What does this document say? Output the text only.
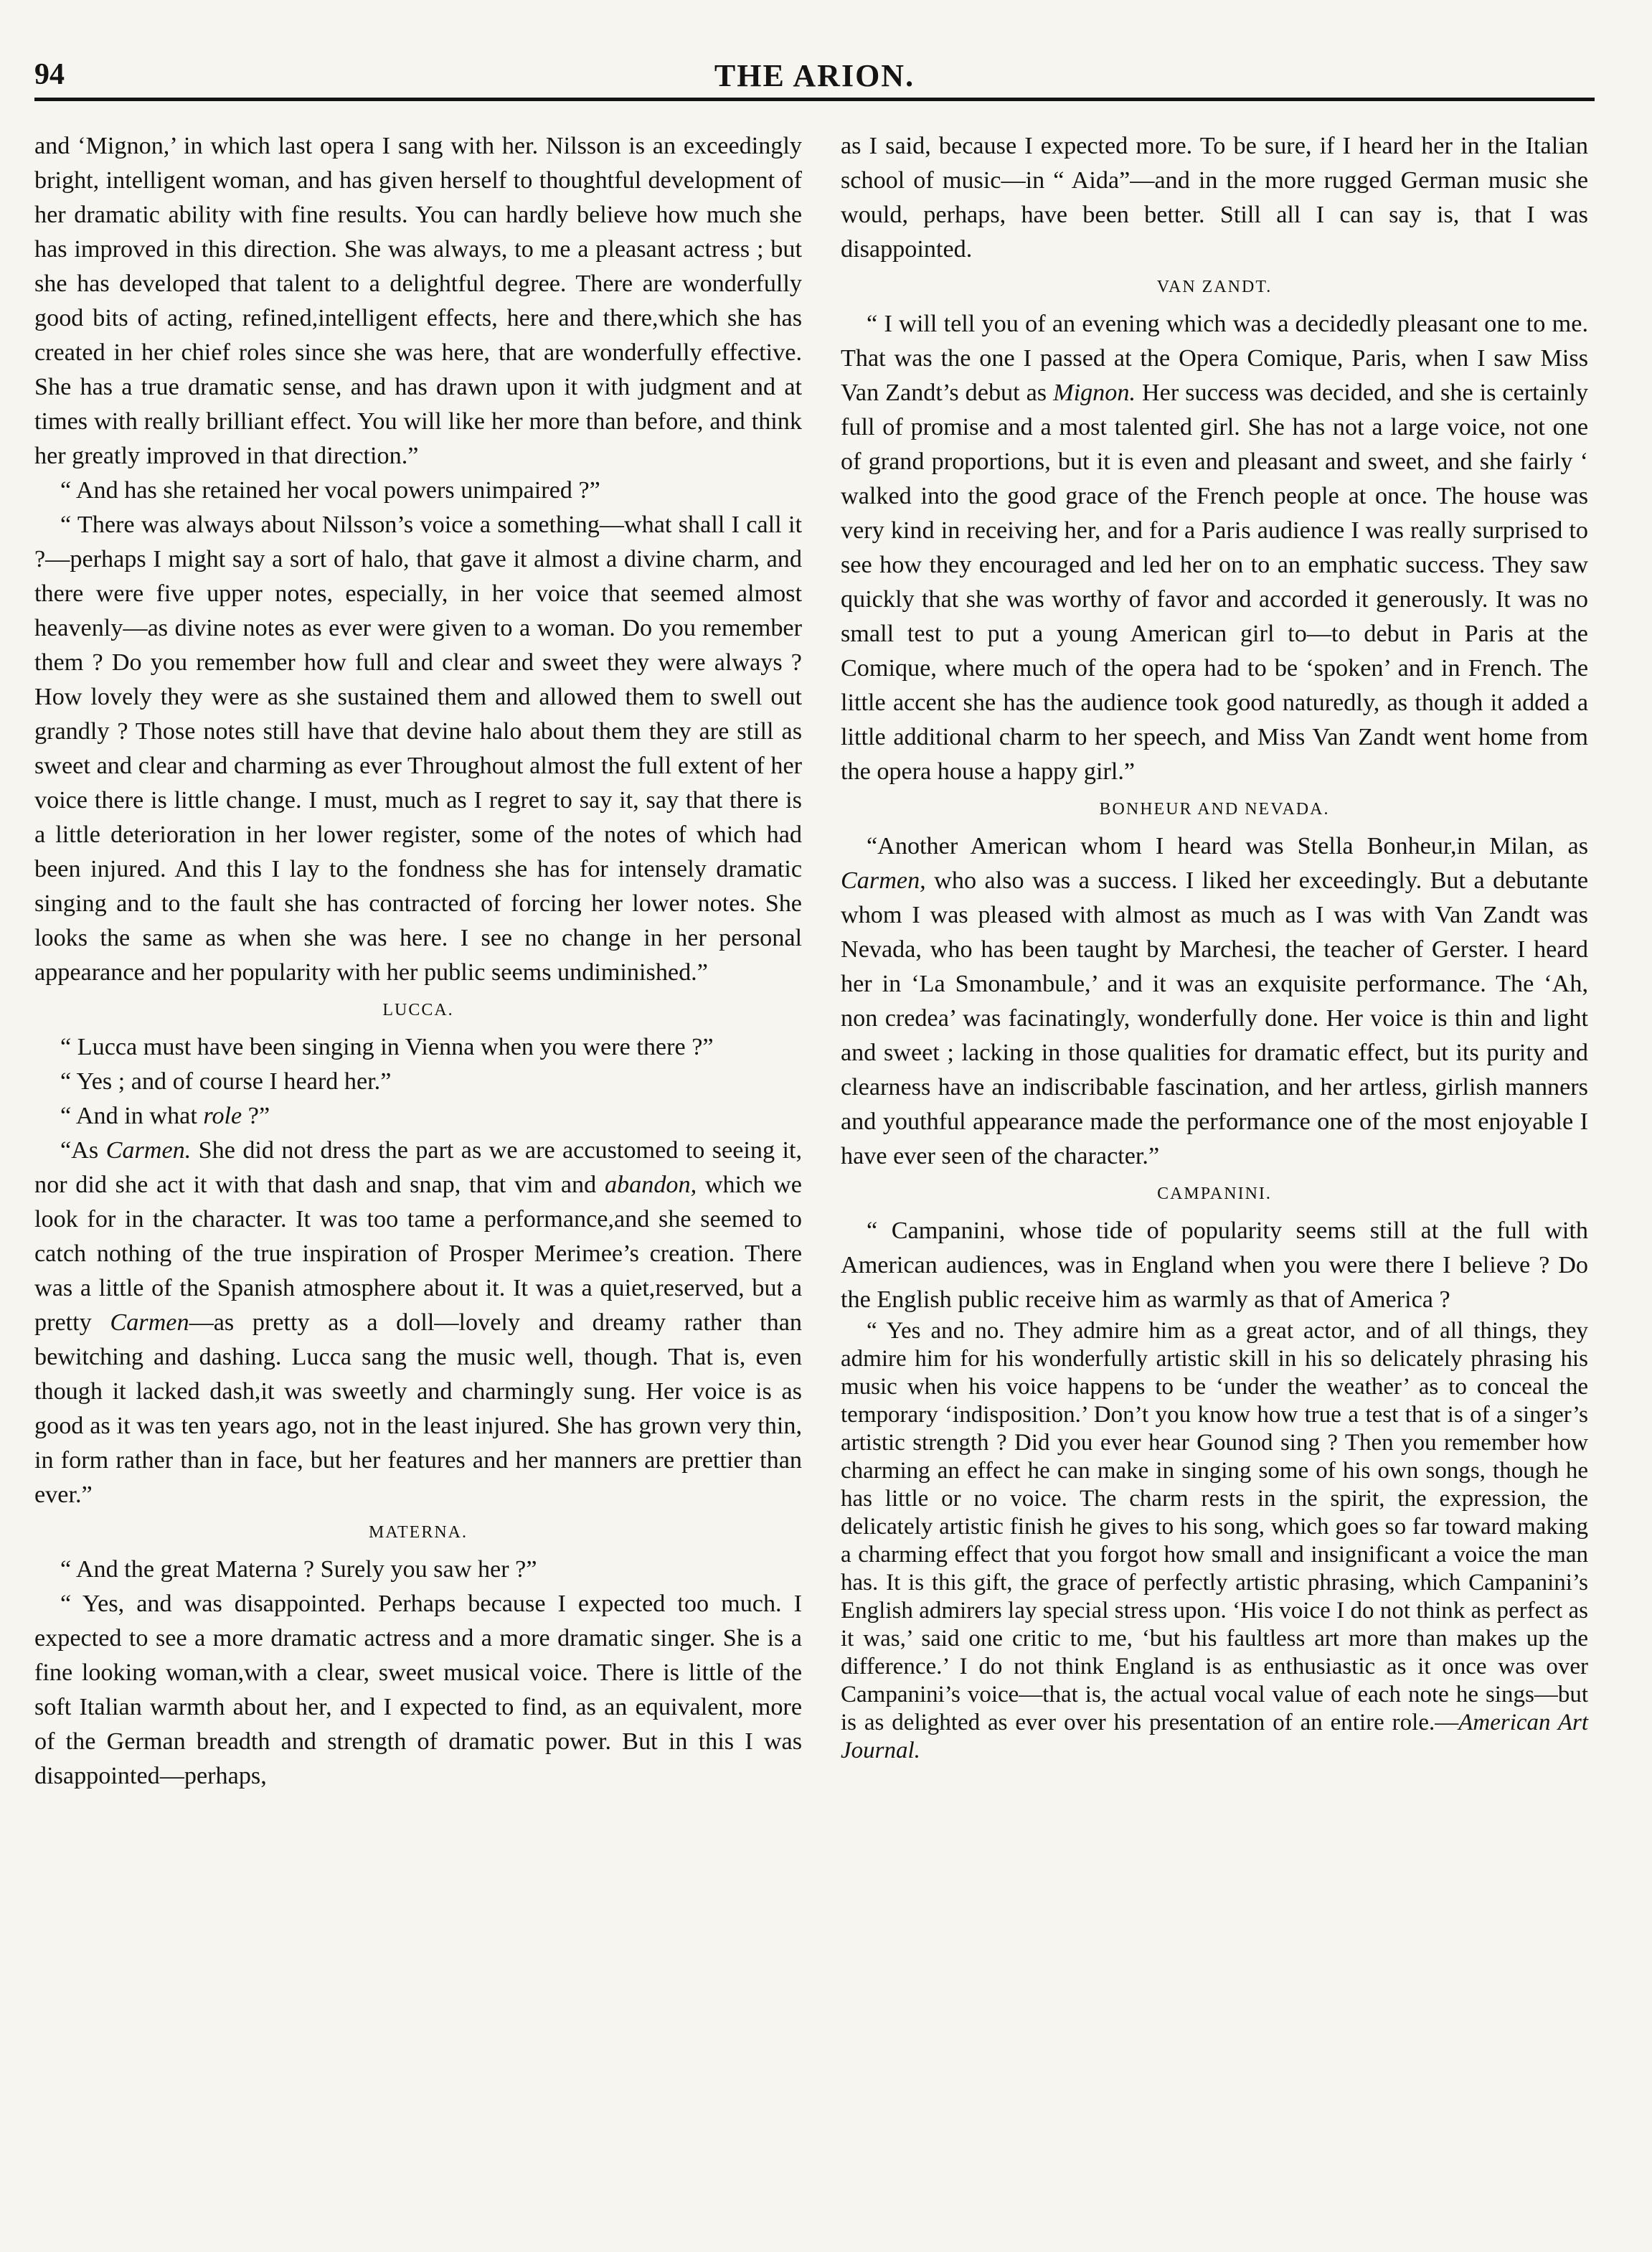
94	THE ARION.

and ‘Mignon,’ in which last opera I sang with her. Nilsson is an exceedingly bright, intelligent woman, and has given herself to thoughtful development of her dramatic ability with fine results. You can hardly believe how much she has improved in this direction. She was always, to me a pleasant actress ; but she has developed that talent to a delightful degree. There are wonderfully good bits of acting, refined,intelligent effects, here and there,which she has created in her chief roles since she was here, that are wonderfully effective. She has a true dramatic sense, and has drawn upon it with judgment and at times with really brilliant effect. You will like her more than before, and think her greatly improved in that direction.”

“ And has she retained her vocal powers unimpaired ?”

“ There was always about Nilsson’s voice a something—what shall I call it ?—perhaps I might say a sort of halo, that gave it almost a divine charm, and there were five upper notes, especially, in her voice that seemed almost heavenly—as divine notes as ever were given to a woman. Do you remember them ? Do you remember how full and clear and sweet they were always ? How lovely they were as she sustained them and allowed them to swell out grandly ? Those notes still have that devine halo about them they are still as sweet and clear and charming as ever Throughout almost the full extent of her voice there is little change. I must, much as I regret to say it, say that there is a little deterioration in her lower register, some of the notes of which had been injured. And this I lay to the fondness she has for intensely dramatic singing and to the fault she has contracted of forcing her lower notes. She looks the same as when she was here. I see no change in her personal appearance and her popularity with her public seems undiminished.”

LUCCA.

“ Lucca must have been singing in Vienna when you were there ?”

“ Yes ; and of course I heard her.”

“ And in what role ?”

“As Carmen. She did not dress the part as we are accustomed to seeing it, nor did she act it with that dash and snap, that vim and abandon, which we look for in the character. It was too tame a performance,and she seemed to catch nothing of the true inspiration of Prosper Merimee’s creation. There was a little of the Spanish atmosphere about it. It was a quiet,reserved, but a pretty Carmen—as pretty as a doll—lovely and dreamy rather than bewitching and dashing. Lucca sang the music well, though. That is, even though it lacked dash,it was sweetly and charmingly sung. Her voice is as good as it was ten years ago, not in the least injured. She has grown very thin, in form rather than in face, but her features and her manners are prettier than ever.”

MATERNA.

“ And the great Materna ? Surely you saw her ?”

“ Yes, and was disappointed. Perhaps because I expected too much. I expected to see a more dramatic actress and a more dramatic singer. She is a fine looking woman,with a clear, sweet musical voice. There is little of the soft Italian warmth about her, and I expected to find, as an equivalent, more of the German breadth and strength of dramatic power. But in this I was disappointed—perhaps,

as I said, because I expected more. To be sure, if I heard her in the Italian school of music—in “ Aida”—and in the more rugged German music she would, perhaps, have been better. Still all I can say is, that I was disappointed.

VAN ZANDT.

“ I will tell you of an evening which was a decidedly pleasant one to me. That was the one I passed at the Opera Comique, Paris, when I saw Miss Van Zandt’s debut as Mignon. Her success was decided, and she is certainly full of promise and a most talented girl. She has not a large voice, not one of grand proportions, but it is even and pleasant and sweet, and she fairly ‘ walked into the good grace of the French people at once. The house was very kind in receiving her, and for a Paris audience I was really surprised to see how they encouraged and led her on to an emphatic success. They saw quickly that she was worthy of favor and accorded it generously. It was no small test to put a young American girl to—to debut in Paris at the Comique, where much of the opera had to be ‘spoken’ and in French. The little accent she has the audience took good naturedly, as though it added a little additional charm to her speech, and Miss Van Zandt went home from the opera house a happy girl.”

BONHEUR AND NEVADA.

“Another American whom I heard was Stella Bonheur,in Milan, as Carmen, who also was a success. I liked her exceedingly. But a debutante whom I was pleased with almost as much as I was with Van Zandt was Nevada, who has been taught by Marchesi, the teacher of Gerster. I heard her in ‘La Smonambule,’ and it was an exquisite performance. The ‘Ah, non credea’ was facinatingly, wonderfully done. Her voice is thin and light and sweet ; lacking in those qualities for dramatic effect, but its purity and clearness have an indiscribable fascination, and her artless, girlish manners and youthful appearance made the performance one of the most enjoyable I have ever seen of the character.”

CAMPANINI.

“ Campanini, whose tide of popularity seems still at the full with American audiences, was in England when you were there I believe ? Do the English public receive him as warmly as that of America ?

“ Yes and no. They admire him as a great actor, and of all things, they admire him for his wonderfully artistic skill in his so delicately phrasing his music when his voice happens to be ‘under the weather’ as to conceal the temporary ‘indisposition.’ Don’t you know how true a test that is of a singer’s artistic strength ? Did you ever hear Gounod sing ? Then you remember how charming an effect he can make in singing some of his own songs, though he has little or no voice. The charm rests in the spirit, the expression, the delicately artistic finish he gives to his song, which goes so far toward making a charming effect that you forgot how small and insignificant a voice the man has. It is this gift, the grace of perfectly artistic phrasing, which Campanini’s English admirers lay special stress upon. ‘His voice I do not think as perfect as it was,’ said one critic to me, ‘but his faultless art more than makes up the difference.’ I do not think England is as enthusiastic as it once was over Campanini’s voice—that is, the actual vocal value of each note he sings—but is as delighted as ever over his presentation of an entire role.—American Art Journal.
